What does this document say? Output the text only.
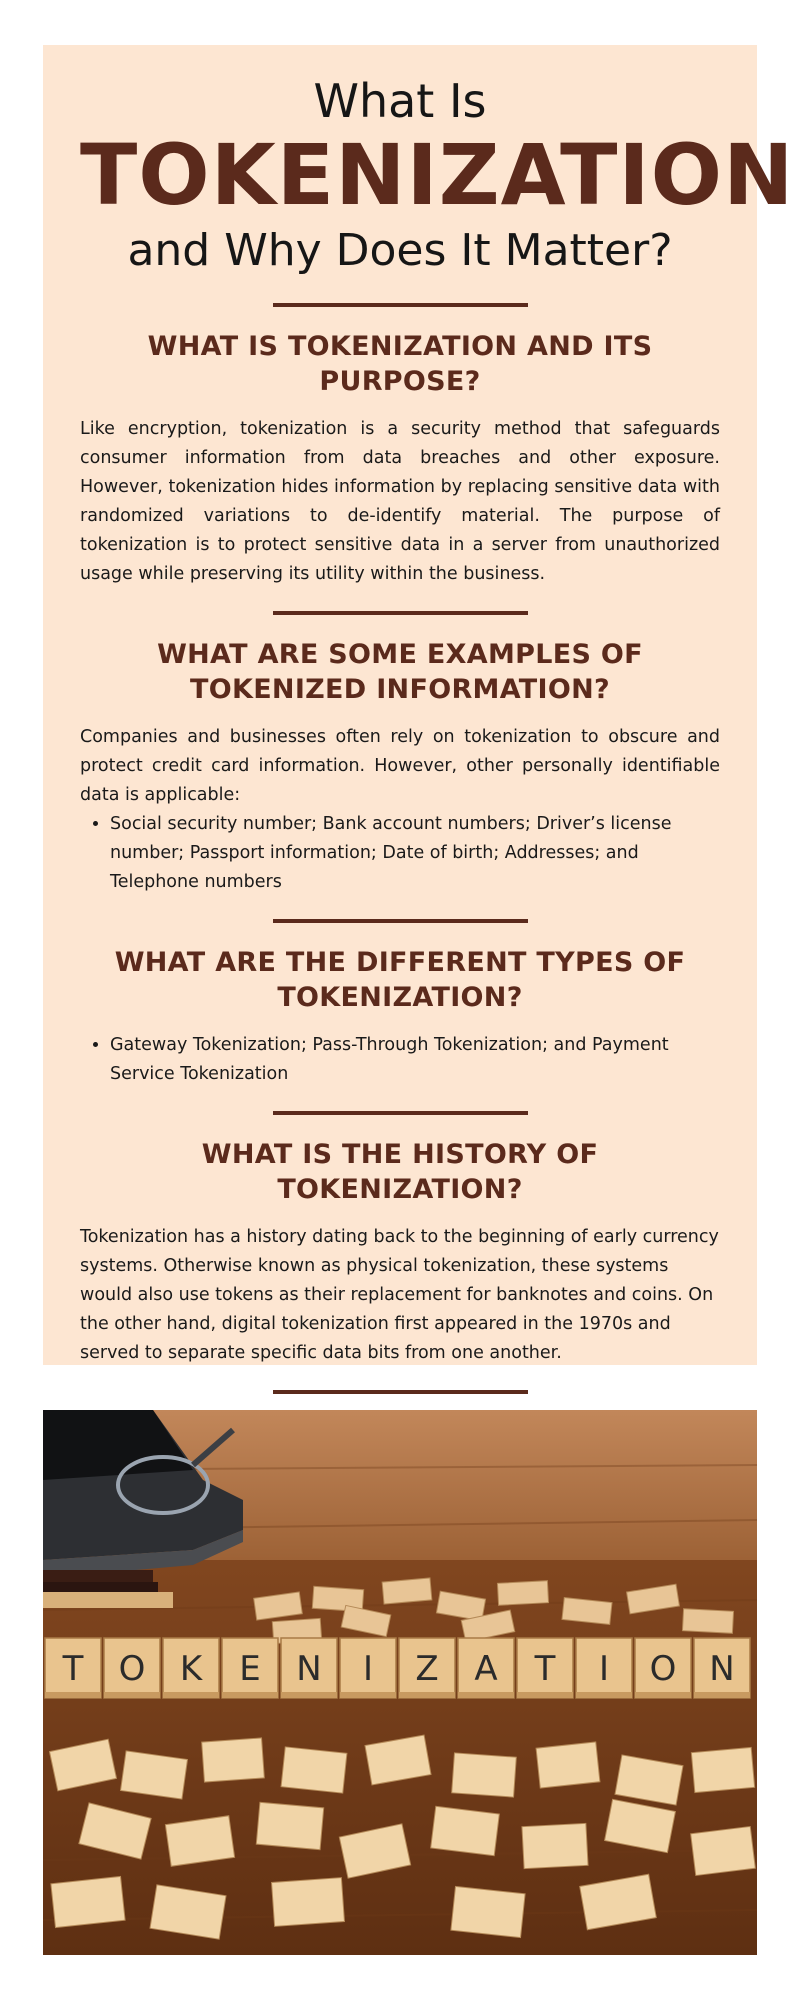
What Is
TOKENIZATION
and Why Does It Matter?
WHAT IS TOKENIZATION AND ITS PURPOSE?

Like encryption, tokenization is a security method that safeguards consumer information from data breaches and other exposure. However, tokenization hides information by replacing sensitive data with randomized variations to de-identify material. The purpose of tokenization is to protect sensitive data in a server from unauthorized usage while preserving its utility within the business.

WHAT ARE SOME EXAMPLES OF TOKENIZED INFORMATION?

Companies and businesses often rely on tokenization to obscure and protect credit card information. However, other personally identifiable data is applicable:

• Social security number; Bank account numbers; Driver’s license number; Passport information; Date of birth; Addresses; and Telephone numbers
WHAT ARE THE DIFFERENT TYPES OF TOKENIZATION?
• Gateway Tokenization; Pass-Through Tokenization; and Payment Service Tokenization
WHAT IS THE HISTORY OF TOKENIZATION?

Tokenization has a history dating back to the beginning of early currency systems. Otherwise known as physical tokenization, these systems would also use tokens as their replacement for banknotes and coins. On the other hand, digital tokenization first appeared in the 1970s and served to separate specific data bits from one another.

T O K E N I Z A T I O N
